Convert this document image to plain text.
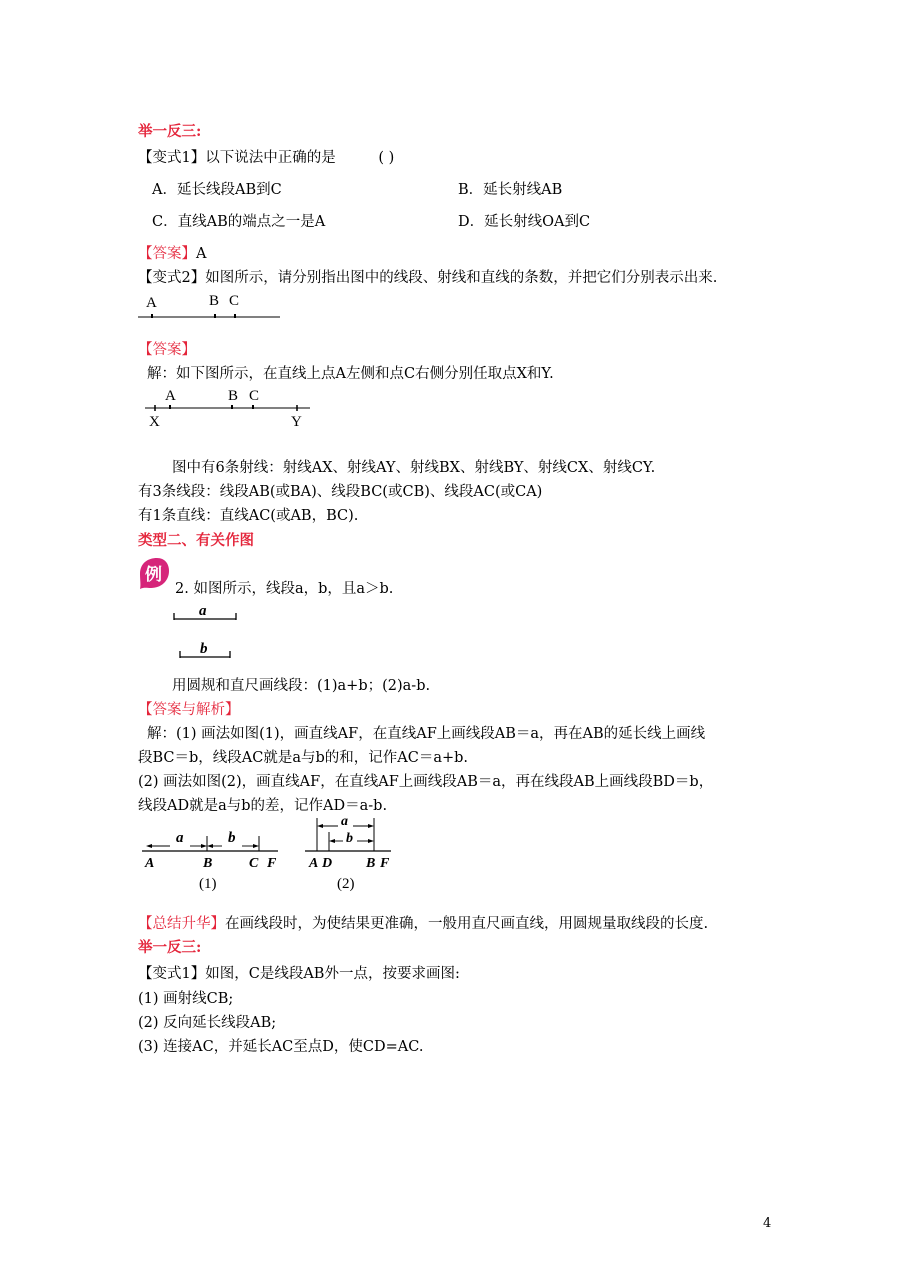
举一反三:
【变式1】以下说法中正确的是	( )
A．延长线段AB到C	B．延长射线AB
C．直线AB的端点之一是A	D．延长射线OA到C
【答案】A
【变式2】如图所示，请分别指出图中的线段、射线和直线的条数，并把它们分别表示出来.
A	B C
【答案】
解：如下图所示，在直线上点A左侧和点C右侧分别任取点X和Y.
A	B C
X	Y
图中有6条射线：射线AX、射线AY、射线BX、射线BY、射线CX、射线CY.
有3条线段：线段AB(或BA)、线段BC(或CB)、线段AC(或CA)
有1条直线：直线AC(或AB，BC).
类型二、有关作图
例
2. 如图所示，线段a，b，且a＞b.
a
b
用圆规和直尺画线段：(1)a+b；(2)a-b.
【答案与解析】
解：(1) 画法如图(1)，画直线AF，在直线AF上画线段AB＝a，再在AB的延长线上画线
段BC＝b，线段AC就是a与b的和，记作AC＝a+b.
(2) 画法如图(2)，画直线AF，在直线AF上画线段AB＝a，再在线段AB上画线段BD＝b，
线段AD就是a与b的差，记作AD＝a-b.
a	b
A	B	C F
(1)
a
b
A D B F
(2)
【总结升华】在画线段时，为使结果更准确，一般用直尺画直线，用圆规量取线段的长度.
举一反三:
【变式1】如图，C是线段AB外一点，按要求画图:
(1) 画射线CB;
(2) 反向延长线段AB;
(3) 连接AC，并延长AC至点D，使CD=AC.
4
